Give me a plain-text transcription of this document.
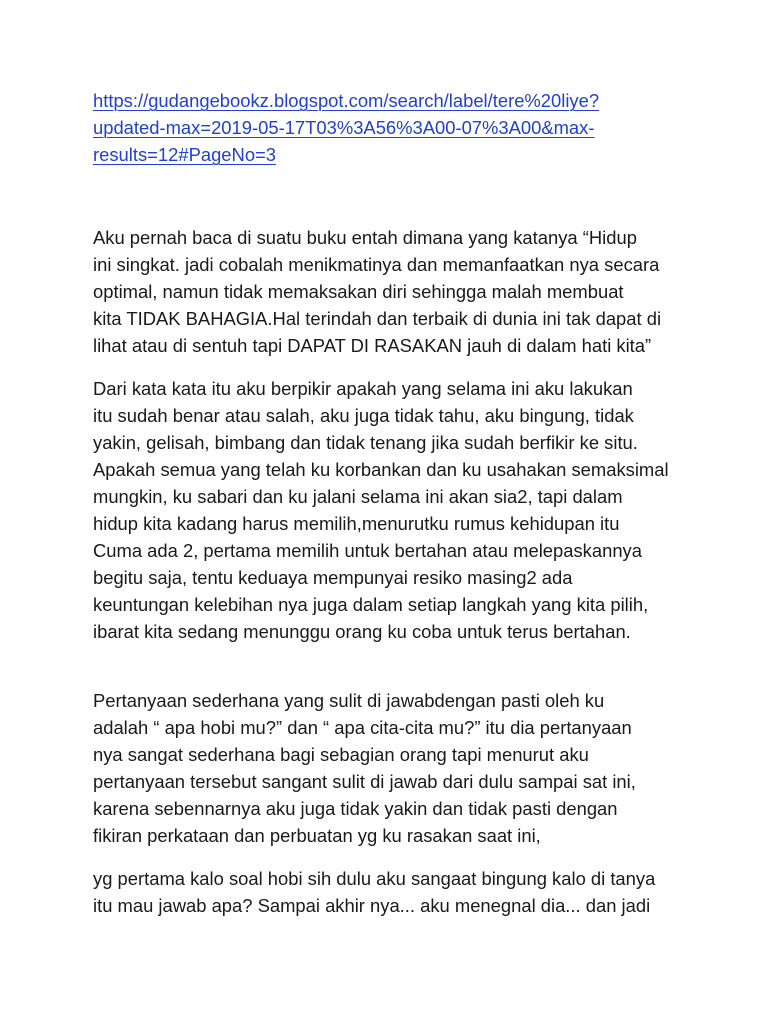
https://gudangebookz.blogspot.com/search/label/tere%20liye?
updated-max=2019-05-17T03%3A56%3A00-07%3A00&max-
results=12#PageNo=3
Aku pernah baca di suatu buku entah dimana yang katanya “Hidup
ini singkat. jadi cobalah menikmatinya dan memanfaatkan nya secara
optimal, namun tidak memaksakan diri sehingga malah membuat
kita TIDAK BAHAGIA.Hal terindah dan terbaik di dunia ini tak dapat di
lihat atau di sentuh tapi DAPAT DI RASAKAN jauh di dalam hati kita”
Dari kata kata itu aku berpikir apakah yang selama ini aku lakukan
itu sudah benar atau salah, aku juga tidak tahu, aku bingung, tidak
yakin, gelisah, bimbang dan tidak tenang jika sudah berfikir ke situ.
Apakah semua yang telah ku korbankan dan ku usahakan semaksimal
mungkin, ku sabari dan ku jalani selama ini akan sia2, tapi dalam
hidup kita kadang harus memilih,menurutku rumus kehidupan itu
Cuma ada 2, pertama memilih untuk bertahan atau melepaskannya
begitu saja, tentu keduaya mempunyai resiko masing2 ada
keuntungan kelebihan nya juga dalam setiap langkah yang kita pilih,
ibarat kita sedang menunggu orang ku coba untuk terus bertahan.
Pertanyaan sederhana yang sulit di jawabdengan pasti oleh ku
adalah “ apa hobi mu?” dan “ apa cita-cita mu?” itu dia pertanyaan
nya sangat sederhana bagi sebagian orang tapi menurut aku
pertanyaan tersebut sangant sulit di jawab dari dulu sampai sat ini,
karena sebennarnya aku juga tidak yakin dan tidak pasti dengan
fikiran perkataan dan perbuatan yg ku rasakan saat ini,
yg pertama kalo soal hobi sih dulu aku sangaat bingung kalo di tanya
itu mau jawab apa? Sampai akhir nya... aku menegnal dia... dan jadi
